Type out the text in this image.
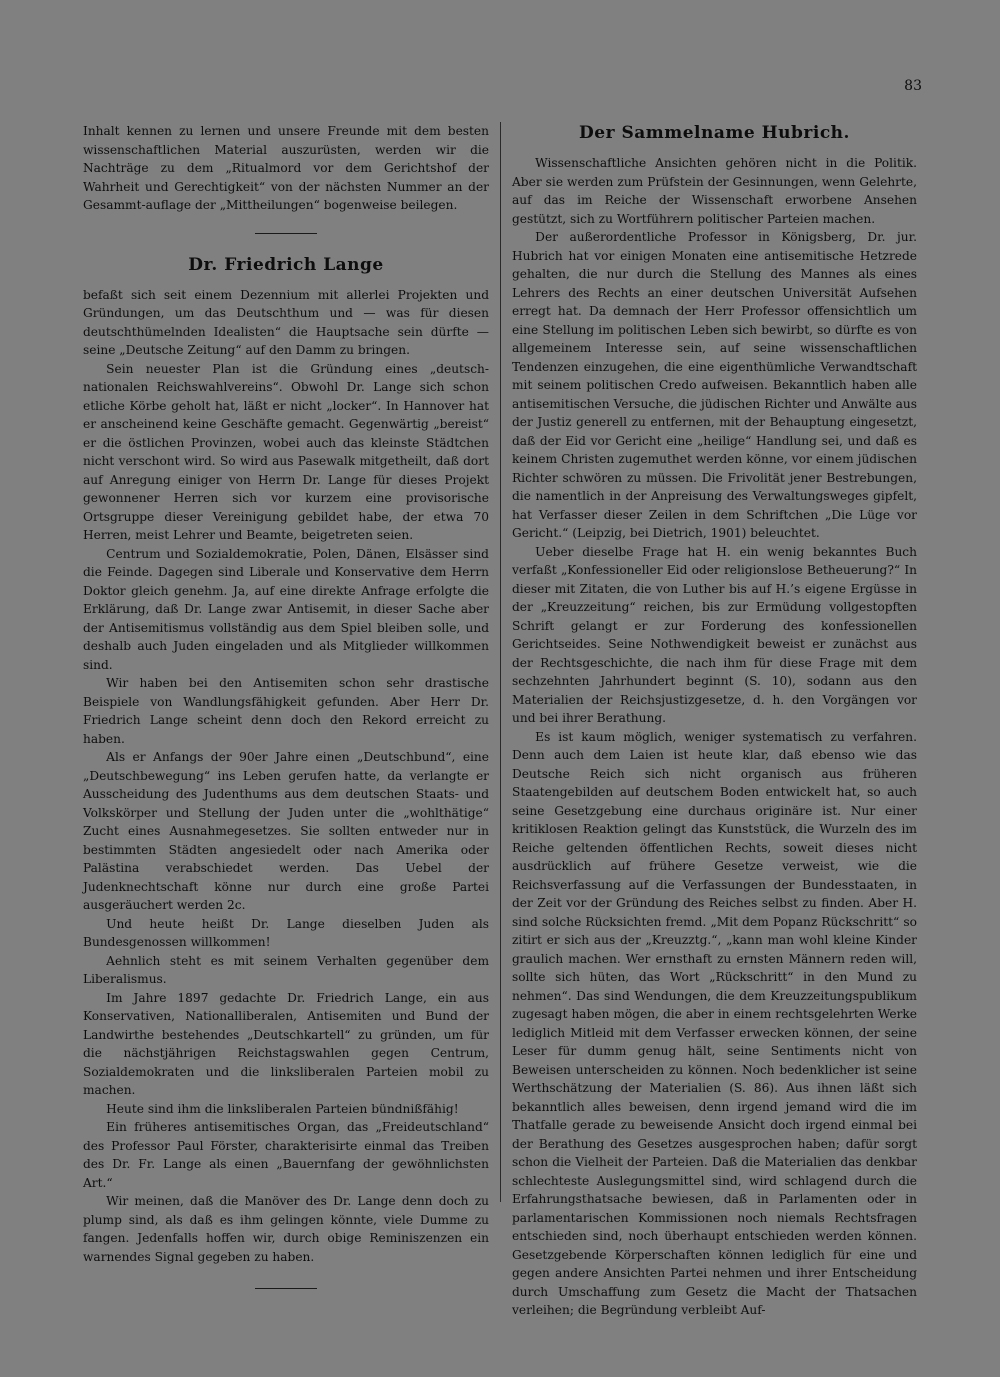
83

Inhalt kennen zu lernen und unsere Freunde mit dem besten wissenschaftlichen Material auszurüsten, werden wir die Nachträge zu dem „Ritualmord vor dem Gerichtshof der Wahrheit und Gerechtigkeit“ von der nächsten Nummer an der Gesammt-auflage der „Mittheilungen“ bogenweise beilegen.

Dr. Friedrich Lange

befaßt sich seit einem Dezennium mit allerlei Projekten und Gründungen, um das Deutschthum und — was für diesen deutschthümelnden Idealisten“ die Hauptsache sein dürfte — seine „Deutsche Zeitung“ auf den Damm zu bringen.

Sein neuester Plan ist die Gründung eines „deutsch-nationalen Reichswahlvereins“. Obwohl Dr. Lange sich schon etliche Körbe geholt hat, läßt er nicht „locker“. In Hannover hat er anscheinend keine Geschäfte gemacht. Gegenwärtig „bereist“ er die östlichen Provinzen, wobei auch das kleinste Städtchen nicht verschont wird. So wird aus Pasewalk mitgetheilt, daß dort auf Anregung einiger von Herrn Dr. Lange für dieses Projekt gewonnener Herren sich vor kurzem eine provisorische Ortsgruppe dieser Vereinigung gebildet habe, der etwa 70 Herren, meist Lehrer und Beamte, beigetreten seien.

Centrum und Sozialdemokratie, Polen, Dänen, Elsässer sind die Feinde. Dagegen sind Liberale und Konservative dem Herrn Doktor gleich genehm. Ja, auf eine direkte Anfrage erfolgte die Erklärung, daß Dr. Lange zwar Antisemit, in dieser Sache aber der Antisemitismus vollständig aus dem Spiel bleiben solle, und deshalb auch Juden eingeladen und als Mitglieder willkommen sind.

Wir haben bei den Antisemiten schon sehr drastische Beispiele von Wandlungsfähigkeit gefunden. Aber Herr Dr. Friedrich Lange scheint denn doch den Rekord erreicht zu haben.

Als er Anfangs der 90er Jahre einen „Deutschbund“, eine „Deutschbewegung“ ins Leben gerufen hatte, da verlangte er Ausscheidung des Judenthums aus dem deutschen Staats- und Volkskörper und Stellung der Juden unter die „wohlthätige“ Zucht eines Ausnahmegesetzes. Sie sollten entweder nur in bestimmten Städten angesiedelt oder nach Amerika oder Palästina verabschiedet werden. Das Uebel der Judenknechtschaft könne nur durch eine große Partei ausgeräuchert werden 2c.

Und heute heißt Dr. Lange dieselben Juden als Bundesgenossen willkommen!

Aehnlich steht es mit seinem Verhalten gegenüber dem Liberalismus.

Im Jahre 1897 gedachte Dr. Friedrich Lange, ein aus Konservativen, Nationalliberalen, Antisemiten und Bund der Landwirthe bestehendes „Deutschkartell“ zu gründen, um für die nächstjährigen Reichstagswahlen gegen Centrum, Sozialdemokraten und die linksliberalen Parteien mobil zu machen.

Heute sind ihm die linksliberalen Parteien bündnißfähig!

Ein früheres antisemitisches Organ, das „Freideutschland“ des Professor Paul Förster, charakterisirte einmal das Treiben des Dr. Fr. Lange als einen „Bauernfang der gewöhnlichsten Art.“

Wir meinen, daß die Manöver des Dr. Lange denn doch zu plump sind, als daß es ihm gelingen könnte, viele Dumme zu fangen. Jedenfalls hoffen wir, durch obige Reminiszenzen ein warnendes Signal gegeben zu haben.

Der Sammelname Hubrich.

Wissenschaftliche Ansichten gehören nicht in die Politik. Aber sie werden zum Prüfstein der Gesinnungen, wenn Gelehrte, auf das im Reiche der Wissenschaft erworbene Ansehen gestützt, sich zu Wortführern politischer Parteien machen.

Der außerordentliche Professor in Königsberg, Dr. jur. Hubrich hat vor einigen Monaten eine antisemitische Hetzrede gehalten, die nur durch die Stellung des Mannes als eines Lehrers des Rechts an einer deutschen Universität Aufsehen erregt hat. Da demnach der Herr Professor offensichtlich um eine Stellung im politischen Leben sich bewirbt, so dürfte es von allgemeinem Interesse sein, auf seine wissenschaftlichen Tendenzen einzugehen, die eine eigenthümliche Verwandtschaft mit seinem politischen Credo aufweisen. Bekanntlich haben alle antisemitischen Versuche, die jüdischen Richter und Anwälte aus der Justiz generell zu entfernen, mit der Behauptung eingesetzt, daß der Eid vor Gericht eine „heilige“ Handlung sei, und daß es keinem Christen zugemuthet werden könne, vor einem jüdischen Richter schwören zu müssen. Die Frivolität jener Bestrebungen, die namentlich in der Anpreisung des Verwaltungsweges gipfelt, hat Verfasser dieser Zeilen in dem Schriftchen „Die Lüge vor Gericht.“ (Leipzig, bei Dietrich, 1901) beleuchtet.

Ueber dieselbe Frage hat H. ein wenig bekanntes Buch verfaßt „Konfessioneller Eid oder religionslose Betheuerung?“ In dieser mit Zitaten, die von Luther bis auf H.’s eigene Ergüsse in der „Kreuzzeitung“ reichen, bis zur Ermüdung vollgestopften Schrift gelangt er zur Forderung des konfessionellen Gerichtseides. Seine Nothwendigkeit beweist er zunächst aus der Rechtsgeschichte, die nach ihm für diese Frage mit dem sechzehnten Jahrhundert beginnt (S. 10), sodann aus den Materialien der Reichsjustizgesetze, d. h. den Vorgängen vor und bei ihrer Berathung.

Es ist kaum möglich, weniger systematisch zu verfahren. Denn auch dem Laien ist heute klar, daß ebenso wie das Deutsche Reich sich nicht organisch aus früheren Staatengebilden auf deutschem Boden entwickelt hat, so auch seine Gesetzgebung eine durchaus originäre ist. Nur einer kritiklosen Reaktion gelingt das Kunststück, die Wurzeln des im Reiche geltenden öffentlichen Rechts, soweit dieses nicht ausdrücklich auf frühere Gesetze verweist, wie die Reichsverfassung auf die Verfassungen der Bundesstaaten, in der Zeit vor der Gründung des Reiches selbst zu finden. Aber H. sind solche Rücksichten fremd. „Mit dem Popanz Rückschritt“ so zitirt er sich aus der „Kreuzztg.“, „kann man wohl kleine Kinder graulich machen. Wer ernsthaft zu ernsten Männern reden will, sollte sich hüten, das Wort „Rückschritt“ in den Mund zu nehmen“. Das sind Wendungen, die dem Kreuzzeitungspublikum zugesagt haben mögen, die aber in einem rechtsgelehrten Werke lediglich Mitleid mit dem Verfasser erwecken können, der seine Leser für dumm genug hält, seine Sentiments nicht von Beweisen unterscheiden zu können. Noch bedenklicher ist seine Werthschätzung der Materialien (S. 86). Aus ihnen läßt sich bekanntlich alles beweisen, denn irgend jemand wird die im Thatfalle gerade zu beweisende Ansicht doch irgend einmal bei der Berathung des Gesetzes ausgesprochen haben; dafür sorgt schon die Vielheit der Parteien. Daß die Materialien das denkbar schlechteste Auslegungsmittel sind, wird schlagend durch die Erfahrungsthatsache bewiesen, daß in Parlamenten oder in parlamentarischen Kommissionen noch niemals Rechtsfragen entschieden sind, noch überhaupt entschieden werden können. Gesetzgebende Körperschaften können lediglich für eine und gegen andere Ansichten Partei nehmen und ihrer Entscheidung durch Umschaffung zum Gesetz die Macht der Thatsachen verleihen; die Begründung verbleibt Auf-
